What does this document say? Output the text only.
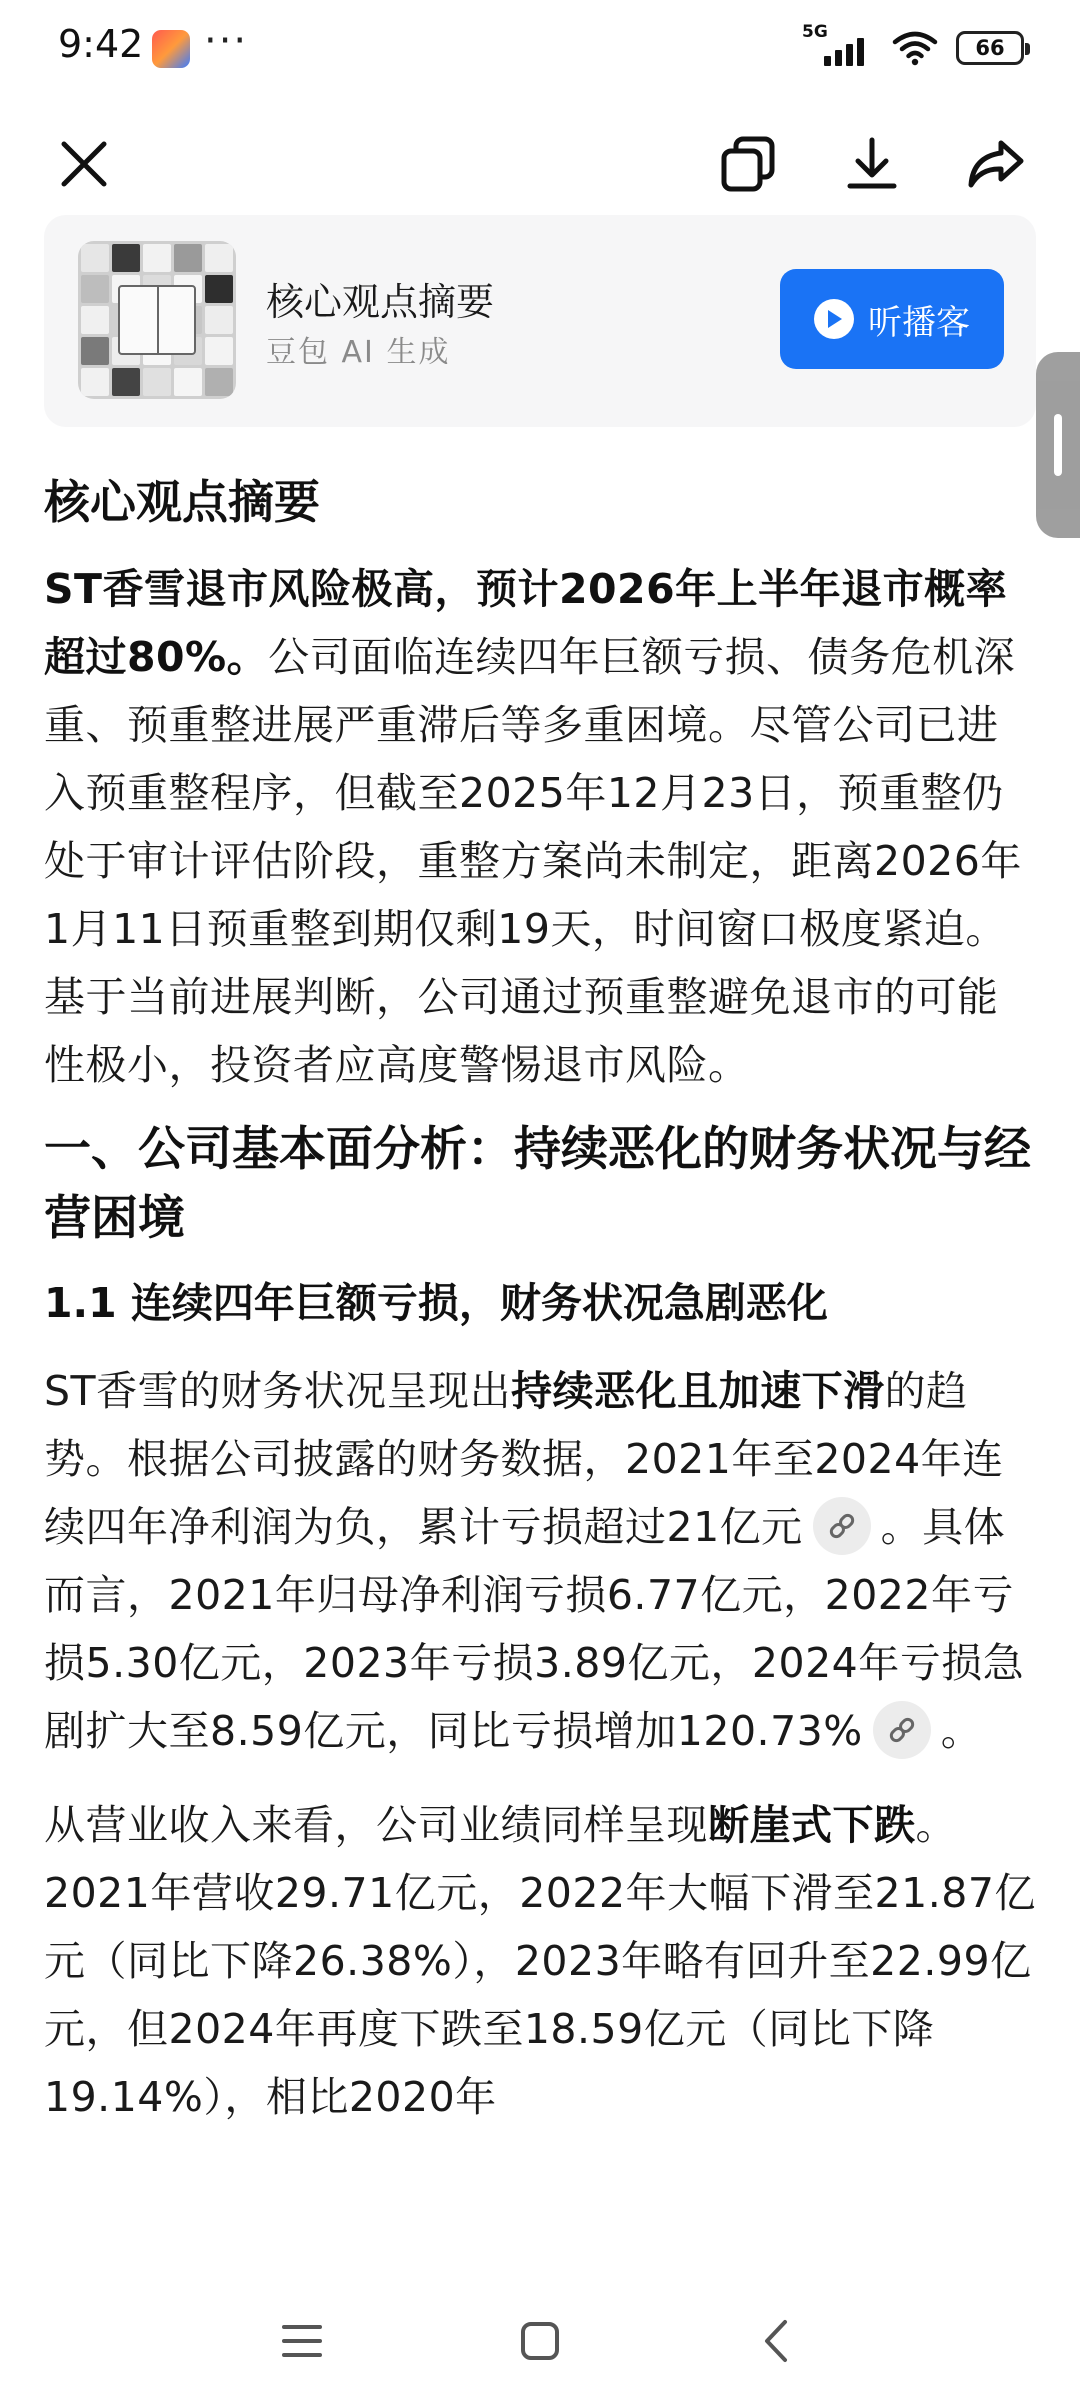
9:42 ···	5G
66
核心观点摘要
豆包 AI 生成
听播客
核心观点摘要

ST香雪退市风险极高，预计2026年上半年退市概率超过80%。公司面临连续四年巨额亏损、债务危机深重、预重整进展严重滞后等多重困境。尽管公司已进入预重整程序，但截至2025年12月23日，预重整仍处于审计评估阶段，重整方案尚未制定，距离2026年1月11日预重整到期仅剩19天，时间窗口极度紧迫。基于当前进展判断，公司通过预重整避免退市的可能性极小，投资者应高度警惕退市风险。

一、公司基本面分析：持续恶化的财务状况与经营困境
1.1 连续四年巨额亏损，财务状况急剧恶化

ST香雪的财务状况呈现出持续恶化且加速下滑的趋势。根据公司披露的财务数据，2021年至2024年连续四年净利润为负，累计亏损超过21亿元 。具体而言，2021年归母净利润亏损6.77亿元，2022年亏损5.30亿元，2023年亏损3.89亿元，2024年亏损急剧扩大至8.59亿元，同比亏损增加120.73% 。

从营业收入来看，公司业绩同样呈现断崖式下跌。2021年营收29.71亿元，2022年大幅下滑至21.87亿元（同比下降26.38%），2023年略有回升至22.99亿元，但2024年再度下跌至18.59亿元（同比下降19.14%），相比2020年
